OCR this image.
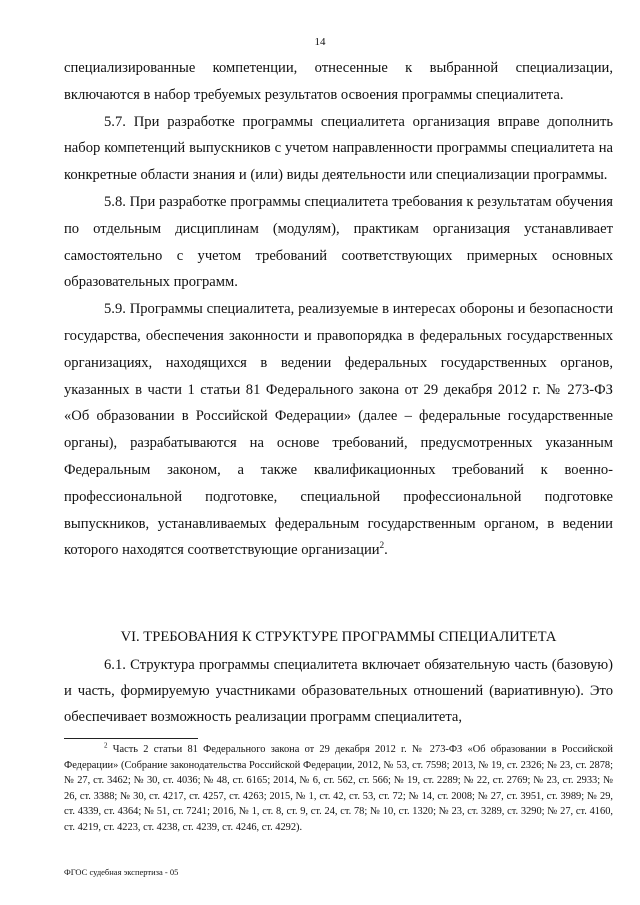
14

специализированные компетенции, отнесенные к выбранной специализации, включаются в набор требуемых результатов освоения программы специалитета.

5.7. При разработке программы специалитета организация вправе дополнить набор компетенций выпускников с учетом направленности программы специалитета на конкретные области знания и (или) виды деятельности или специализации программы.

5.8. При разработке программы специалитета требования к результатам обучения по отдельным дисциплинам (модулям), практикам организация устанавливает самостоятельно с учетом требований соответствующих примерных основных образовательных программ.

5.9. Программы специалитета, реализуемые в интересах обороны и безопасности государства, обеспечения законности и правопорядка в федеральных государственных организациях, находящихся в ведении федеральных государственных органов, указанных в части 1 статьи 81 Федерального закона от 29 декабря 2012 г. № 273-ФЗ «Об образовании в Российской Федерации» (далее – федеральные государственные органы), разрабатываются на основе требований, предусмотренных указанным Федеральным законом, а также квалификационных требований к военно-профессиональной подготовке, специальной профессиональной подготовке выпускников, устанавливаемых федеральным государственным органом, в ведении которого находятся соответствующие организации$^2$.

VI. ТРЕБОВАНИЯ К СТРУКТУРЕ ПРОГРАММЫ СПЕЦИАЛИТЕТА

6.1. Структура программы специалитета включает обязательную часть (базовую) и часть, формируемую участниками образовательных отношений (вариативную). Это обеспечивает возможность реализации программ специалитета,

$^2$ Часть 2 статьи 81 Федерального закона от 29 декабря 2012 г. № 273-ФЗ «Об образовании в Российской Федерации» (Собрание законодательства Российской Федерации, 2012, № 53, ст. 7598; 2013, № 19, ст. 2326; № 23, ст. 2878; № 27, ст. 3462; № 30, ст. 4036; № 48, ст. 6165; 2014, № 6, ст. 562, ст. 566; № 19, ст. 2289; № 22, ст. 2769; № 23, ст. 2933; № 26, ст. 3388; № 30, ст. 4217, ст. 4257, ст. 4263; 2015, № 1, ст. 42, ст. 53, ст. 72; № 14, ст. 2008; № 27, ст. 3951, ст. 3989; № 29, ст. 4339, ст. 4364; № 51, ст. 7241; 2016, № 1, ст. 8, ст. 9, ст. 24, ст. 78; № 10, ст. 1320; № 23, ст. 3289, ст. 3290; № 27, ст. 4160, ст. 4219, ст. 4223, ст. 4238, ст. 4239, ст. 4246, ст. 4292).

ФГОС судебная экспертиза - 05
